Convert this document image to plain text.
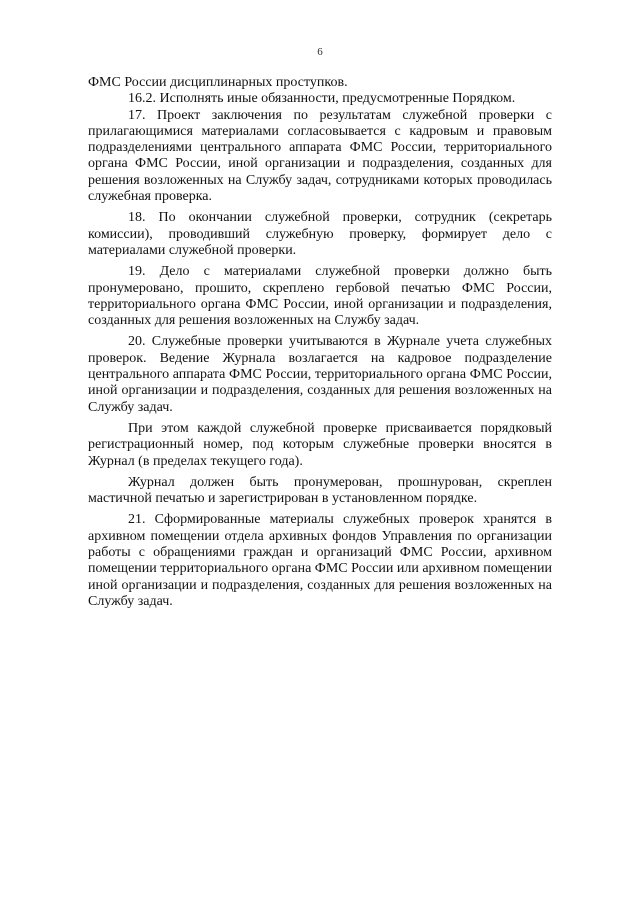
6

ФМС России дисциплинарных проступков.

16.2. Исполнять иные обязанности, предусмотренные Порядком.

17. Проект заключения по результатам служебной проверки с прилагающимися материалами согласовывается с кадровым и правовым подразделениями центрального аппарата ФМС России, территориального органа ФМС России, иной организации и подразделения, созданных для решения возложенных на Службу задач, сотрудниками которых проводилась служебная проверка.

18. По окончании служебной проверки, сотрудник (секретарь комиссии), проводивший служебную проверку, формирует дело с материалами служебной проверки.

19. Дело с материалами служебной проверки должно быть пронумеровано, прошито, скреплено гербовой печатью ФМС России, территориального органа ФМС России, иной организации и подразделения, созданных для решения возложенных на Службу задач.

20. Служебные проверки учитываются в Журнале учета служебных проверок. Ведение Журнала возлагается на кадровое подразделение центрального аппарата ФМС России, территориального органа ФМС России, иной организации и подразделения, созданных для решения возложенных на Службу задач.

При этом каждой служебной проверке присваивается порядковый регистрационный номер, под которым служебные проверки вносятся в Журнал (в пределах текущего года).

Журнал должен быть пронумерован, прошнурован, скреплен мастичной печатью и зарегистрирован в установленном порядке.

21. Сформированные материалы служебных проверок хранятся в архивном помещении отдела архивных фондов Управления по организации работы с обращениями граждан и организаций ФМС России, архивном помещении территориального органа ФМС России или архивном помещении иной организации и подразделения, созданных для решения возложенных на Службу задач.
